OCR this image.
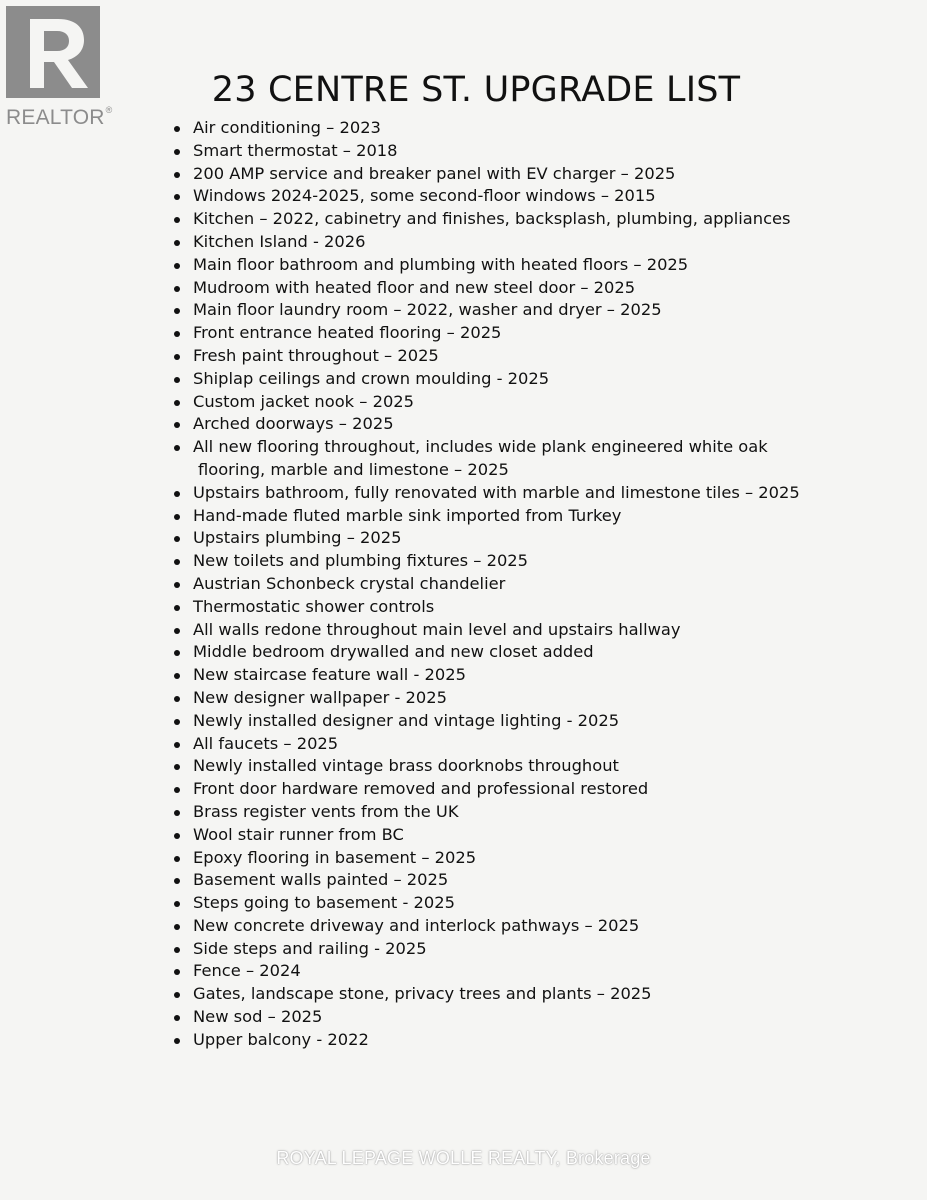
REALTOR®	23 CENTRE ST. UPGRADE LIST
Air conditioning – 2023
Smart thermostat – 2018
200 AMP service and breaker panel with EV charger – 2025
Windows 2024-2025, some second-floor windows – 2015
Kitchen – 2022, cabinetry and finishes, backsplash, plumbing, appliances
Kitchen Island - 2026
Main floor bathroom and plumbing with heated floors – 2025
Mudroom with heated floor and new steel door – 2025
Main floor laundry room – 2022, washer and dryer – 2025
Front entrance heated flooring – 2025
Fresh paint throughout – 2025
Shiplap ceilings and crown moulding - 2025
Custom jacket nook – 2025
Arched doorways – 2025
All new flooring throughout, includes wide plank engineered white oak
flooring, marble and limestone – 2025
Upstairs bathroom, fully renovated with marble and limestone tiles – 2025
Hand-made fluted marble sink imported from Turkey
Upstairs plumbing – 2025
New toilets and plumbing fixtures – 2025
Austrian Schonbeck crystal chandelier
Thermostatic shower controls
All walls redone throughout main level and upstairs hallway
Middle bedroom drywalled and new closet added
New staircase feature wall - 2025
New designer wallpaper - 2025
Newly installed designer and vintage lighting - 2025
All faucets – 2025
Newly installed vintage brass doorknobs throughout
Front door hardware removed and professional restored
Brass register vents from the UK
Wool stair runner from BC
Epoxy flooring in basement – 2025
Basement walls painted – 2025
Steps going to basement - 2025
New concrete driveway and interlock pathways – 2025
Side steps and railing - 2025
Fence – 2024
Gates, landscape stone, privacy trees and plants – 2025
New sod – 2025
Upper balcony - 2022
ROYAL LEPAGE WOLLE REALTY, Brokerage
